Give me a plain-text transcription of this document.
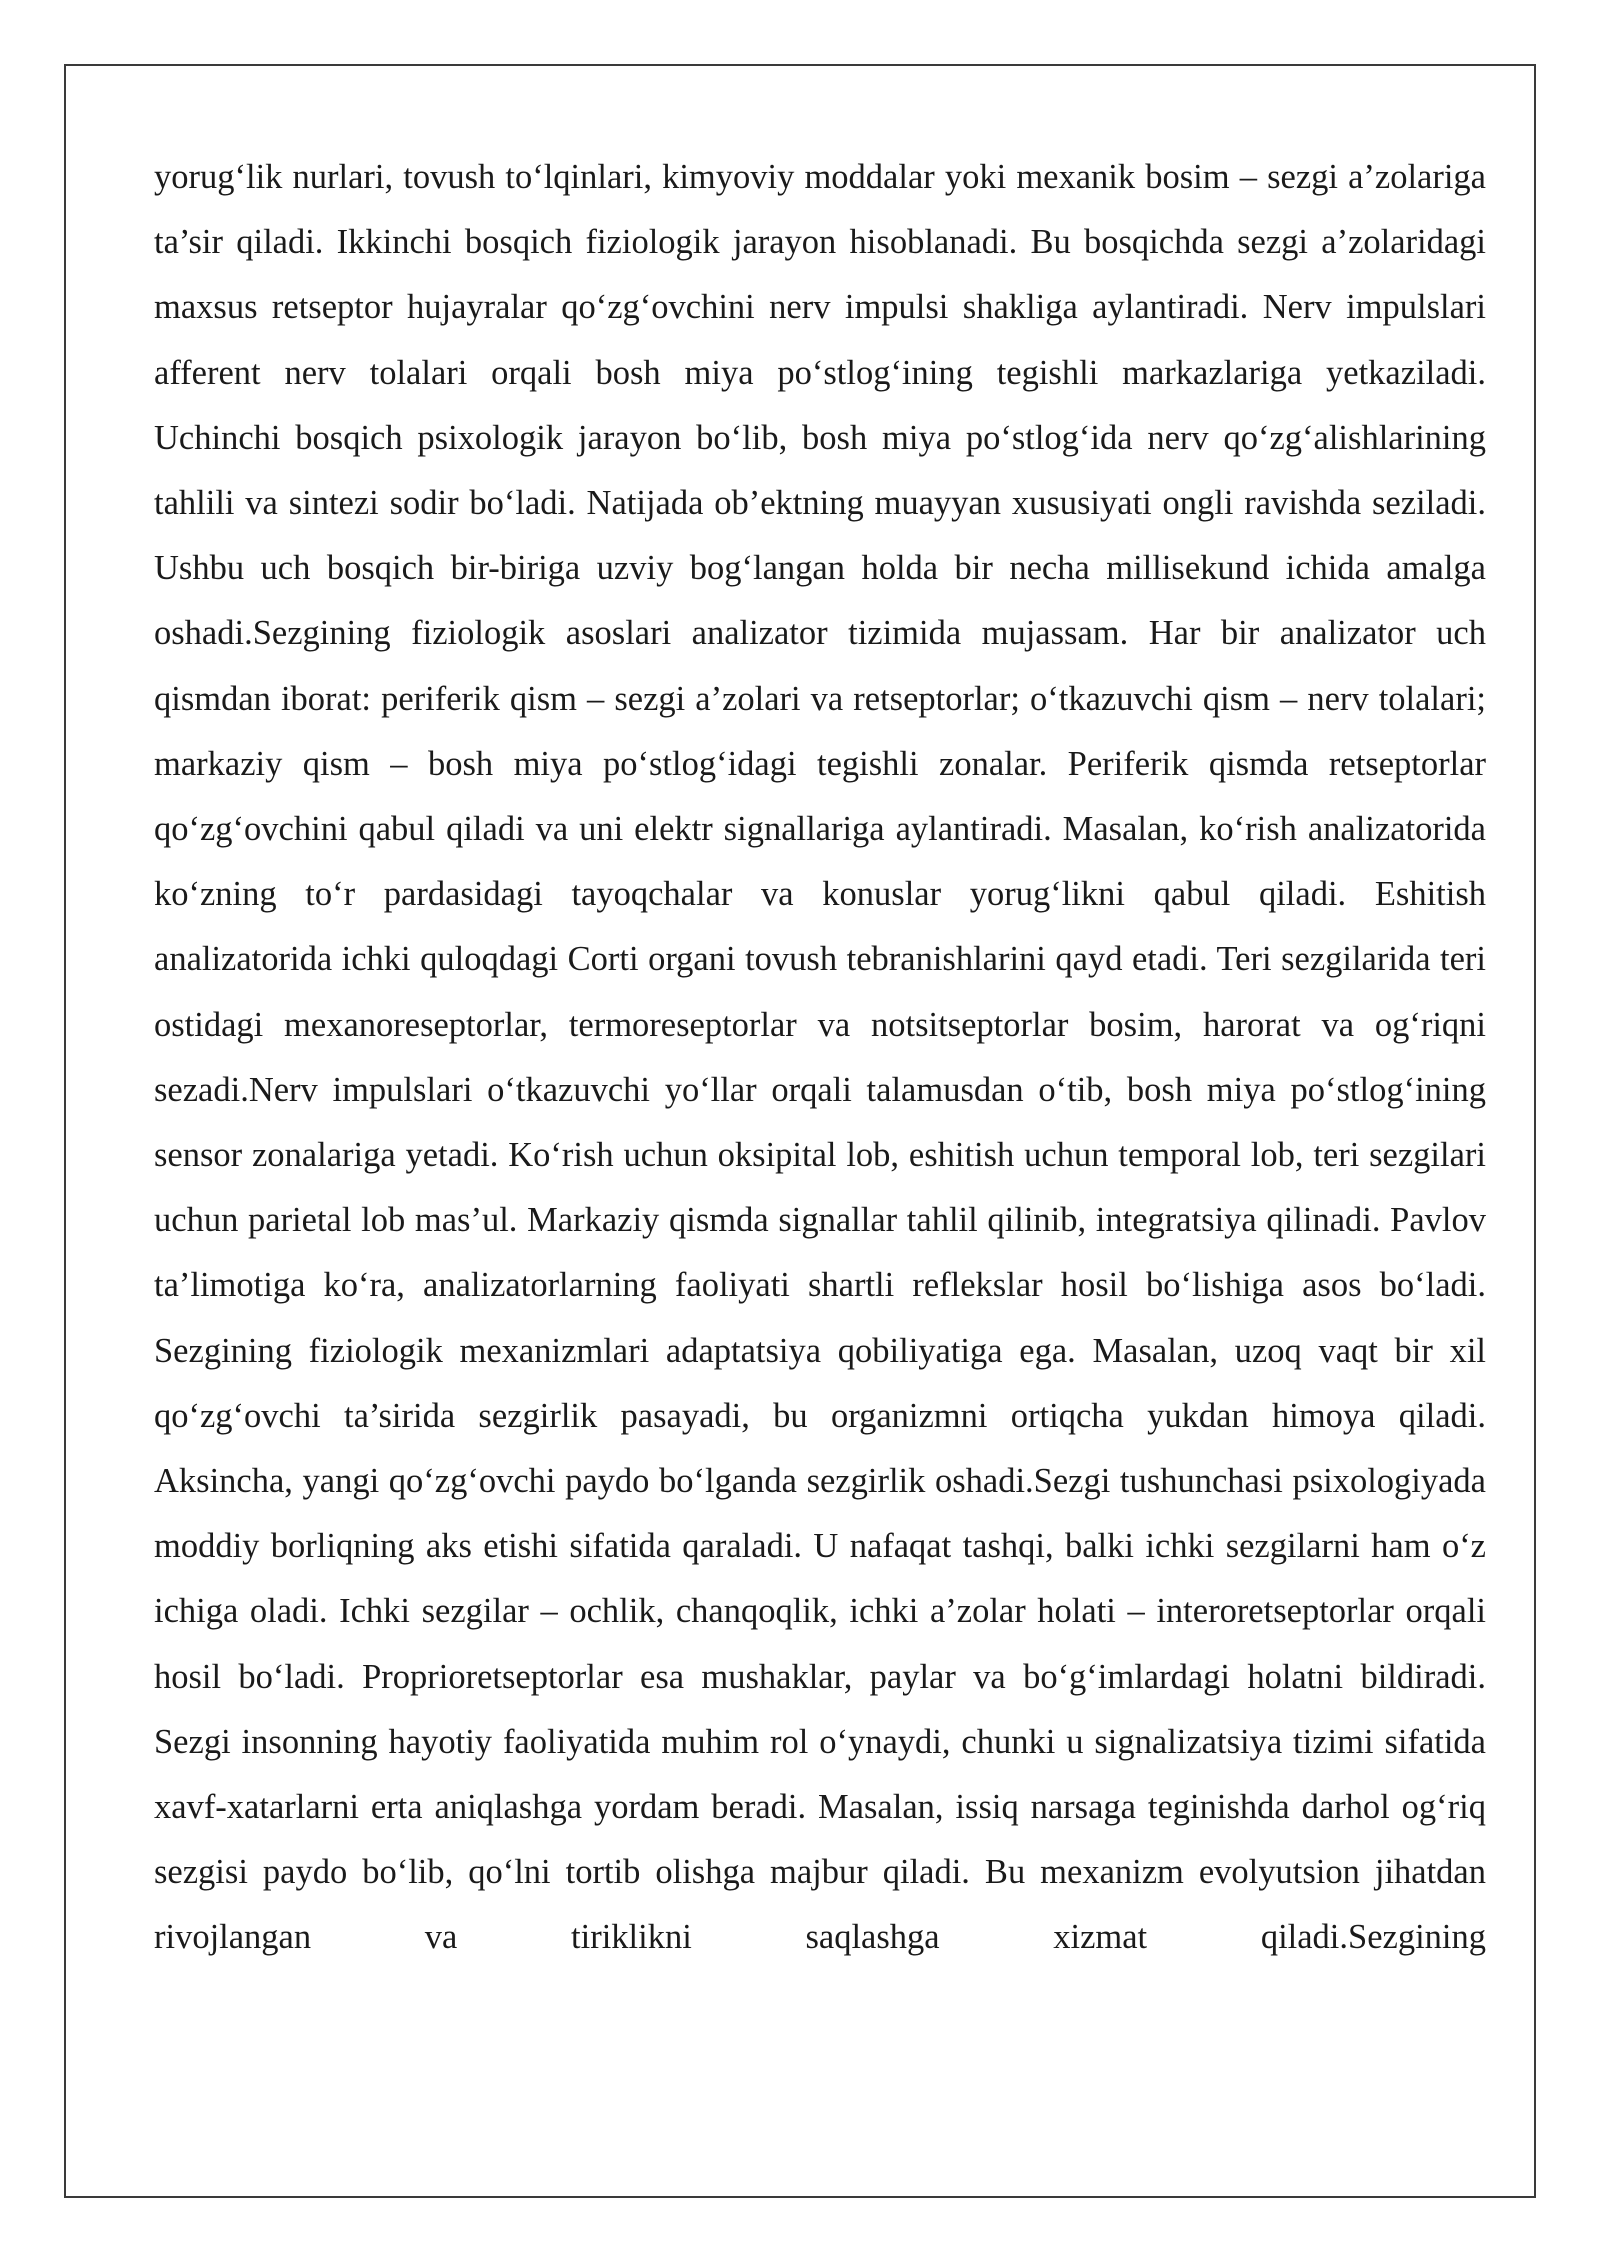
yorug‘lik nurlari, tovush to‘lqinlari, kimyoviy moddalar yoki mexanik bosim – sezgi a’zolariga ta’sir qiladi. Ikkinchi bosqich fiziologik jarayon hisoblanadi. Bu bosqichda sezgi a’zolaridagi maxsus retseptor hujayralar qo‘zg‘ovchini nerv impulsi shakliga aylantiradi. Nerv impulslari afferent nerv tolalari orqali bosh miya po‘stlog‘ining tegishli markazlariga yetkaziladi. Uchinchi bosqich psixologik jarayon bo‘lib, bosh miya po‘stlog‘ida nerv qo‘zg‘alishlarining tahlili va sintezi sodir bo‘ladi. Natijada ob’ektning muayyan xususiyati ongli ravishda seziladi. Ushbu uch bosqich bir-biriga uzviy bog‘langan holda bir necha millisekund ichida amalga oshadi.Sezgining fiziologik asoslari analizator tizimida mujassam. Har bir analizator uch qismdan iborat: periferik qism – sezgi a’zolari va retseptorlar; o‘tkazuvchi qism – nerv tolalari; markaziy qism – bosh miya po‘stlog‘idagi tegishli zonalar. Periferik qismda retseptorlar qo‘zg‘ovchini qabul qiladi va uni elektr signallariga aylantiradi. Masalan, ko‘rish analizatorida ko‘zning to‘r pardasidagi tayoqchalar va konuslar yorug‘likni qabul qiladi. Eshitish analizatorida ichki quloqdagi Corti organi tovush tebranishlarini qayd etadi. Teri sezgilarida teri ostidagi mexanoreseptorlar, termoreseptorlar va notsitseptorlar bosim, harorat va og‘riqni sezadi.Nerv impulslari o‘tkazuvchi yo‘llar orqali talamusdan o‘tib, bosh miya po‘stlog‘ining sensor zonalariga yetadi. Ko‘rish uchun oksipital lob, eshitish uchun temporal lob, teri sezgilari uchun parietal lob mas’ul. Markaziy qismda signallar tahlil qilinib, integratsiya qilinadi. Pavlov ta’limotiga ko‘ra, analizatorlarning faoliyati shartli reflekslar hosil bo‘lishiga asos bo‘ladi. Sezgining fiziologik mexanizmlari adaptatsiya qobiliyatiga ega. Masalan, uzoq vaqt bir xil qo‘zg‘ovchi ta’sirida sezgirlik pasayadi, bu organizmni ortiqcha yukdan himoya qiladi. Aksincha, yangi qo‘zg‘ovchi paydo bo‘lganda sezgirlik oshadi.Sezgi tushunchasi psixologiyada moddiy borliqning aks etishi sifatida qaraladi. U nafaqat tashqi, balki ichki sezgilarni ham o‘z ichiga oladi. Ichki sezgilar – ochlik, chanqoqlik, ichki a’zolar holati – interoretseptorlar orqali hosil bo‘ladi. Proprioretseptorlar esa mushaklar, paylar va bo‘g‘imlardagi holatni bildiradi. Sezgi insonning hayotiy faoliyatida muhim rol o‘ynaydi, chunki u signalizatsiya tizimi sifatida xavf-xatarlarni erta aniqlashga yordam beradi. Masalan, issiq narsaga teginishda darhol og‘riq sezgisi paydo bo‘lib, qo‘lni tortib olishga majbur qiladi. Bu mexanizm evolyutsion jihatdan rivojlangan va tiriklikni saqlashga xizmat qiladi.Sezgining
